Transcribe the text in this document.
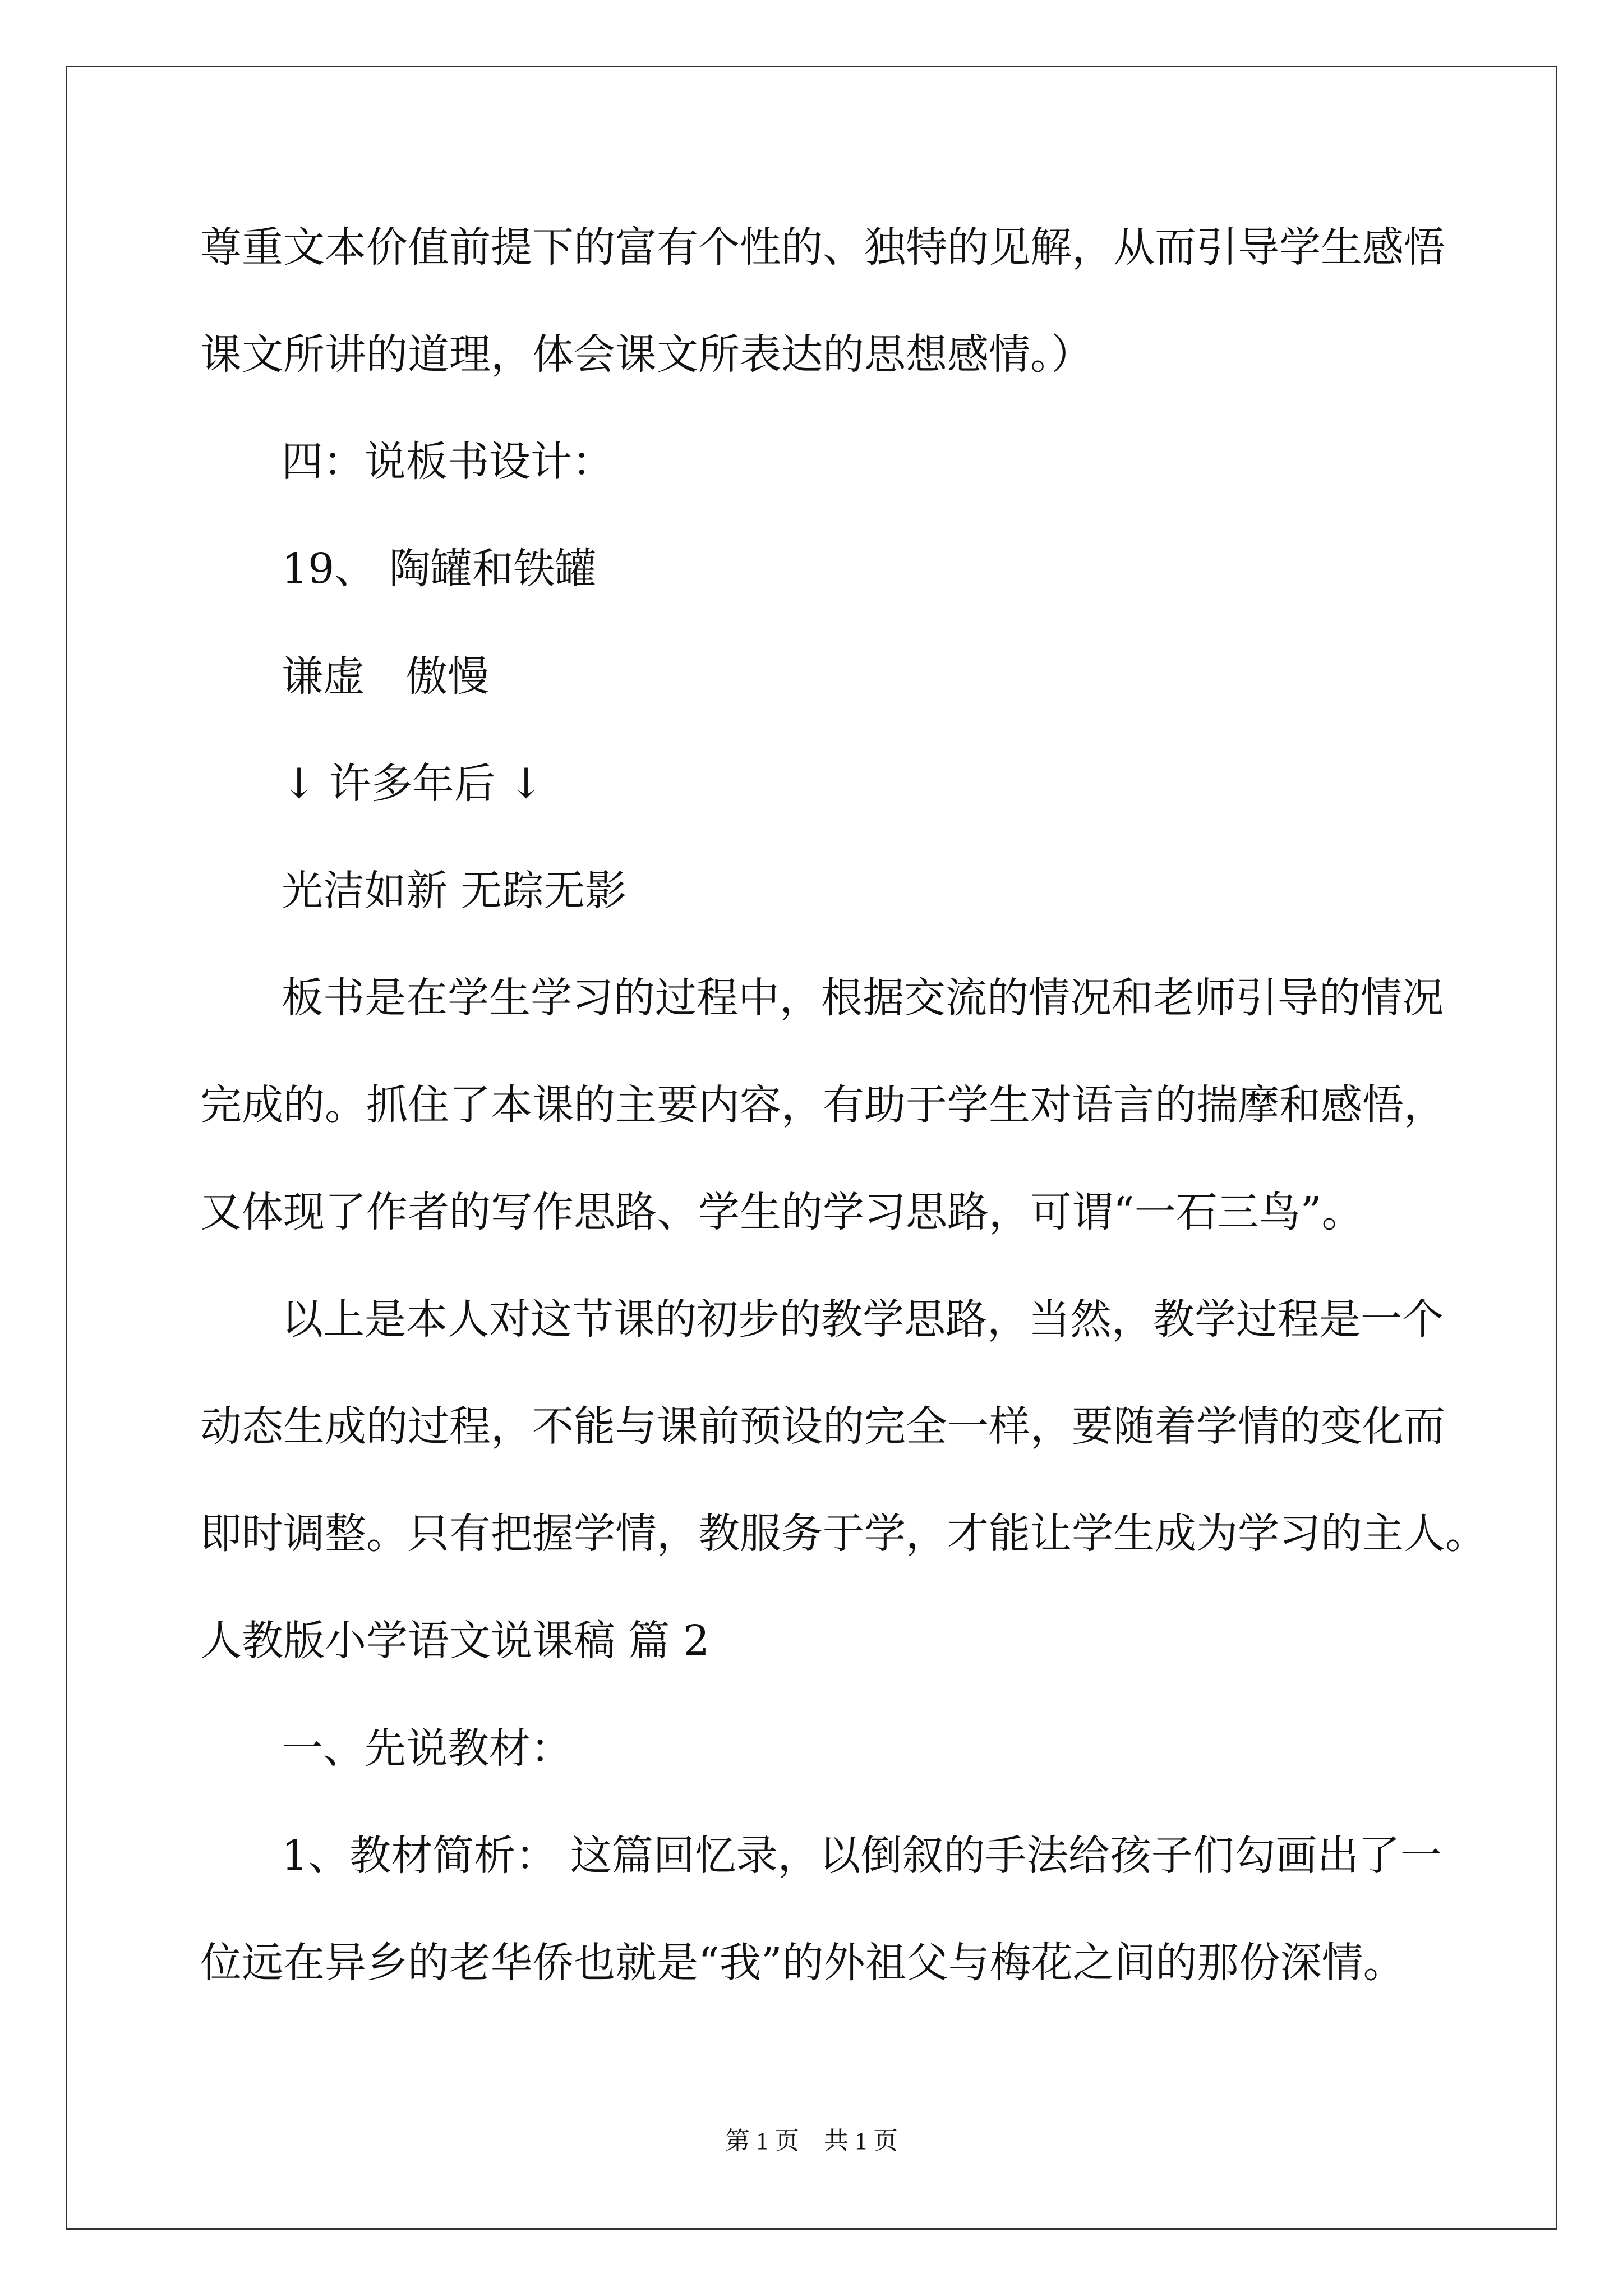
尊重文本价值前提下的富有个性的、独特的见解，从而引导学生感悟
课文所讲的道理，体会课文所表达的思想感情。）
四：说板书设计：
19、 陶罐和铁罐
谦虚　傲慢
↓ 许多年后 ↓
光洁如新 无踪无影
板书是在学生学习的过程中，根据交流的情况和老师引导的情况
完成的。抓住了本课的主要内容，有助于学生对语言的揣摩和感悟，
又体现了作者的写作思路、学生的学习思路，可谓“一石三鸟”。
以上是本人对这节课的初步的教学思路，当然，教学过程是一个
动态生成的过程，不能与课前预设的完全一样，要随着学情的变化而
即时调整。只有把握学情，教服务于学，才能让学生成为学习的主人。
人教版小学语文说课稿 篇 2
一、先说教材：
1、教材简析： 这篇回忆录，以倒叙的手法给孩子们勾画出了一
位远在异乡的老华侨也就是“我”的外祖父与梅花之间的那份深情。
第 1 页　共 1 页
